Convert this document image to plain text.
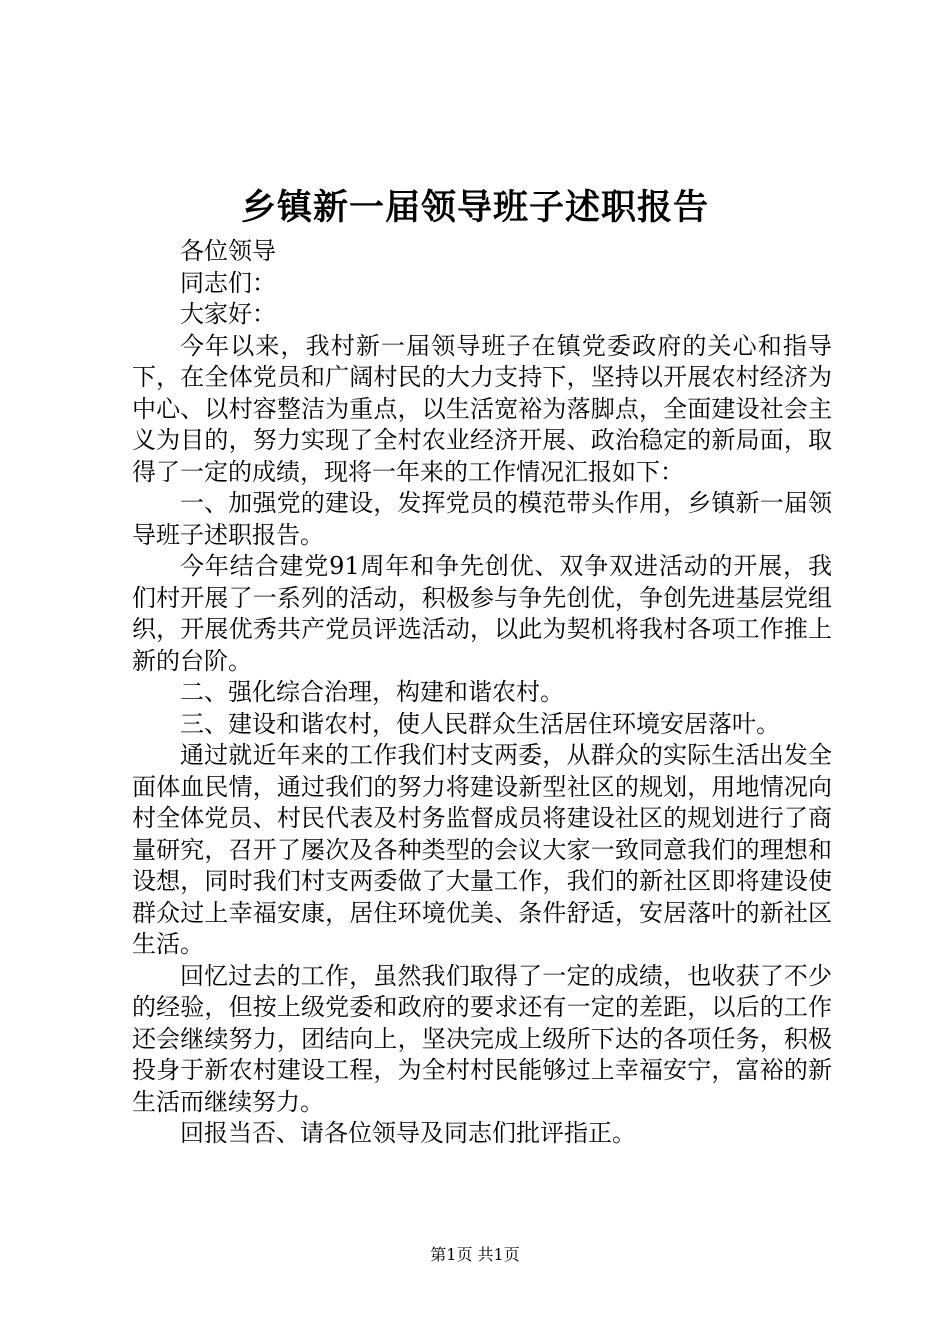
乡镇新一届领导班子述职报告

各位领导

同志们：

大家好：

今年以来，我村新一届领导班子在镇党委政府的关心和指导下，在全体党员和广阔村民的大力支持下，坚持以开展农村经济为中心、以村容整洁为重点，以生活宽裕为落脚点，全面建设社会主义为目的，努力实现了全村农业经济开展、政治稳定的新局面，取得了一定的成绩，现将一年来的工作情况汇报如下：

一、加强党的建设，发挥党员的模范带头作用，乡镇新一届领导班子述职报告。

今年结合建党91周年和争先创优、双争双进活动的开展，我们村开展了一系列的活动，积极参与争先创优，争创先进基层党组织，开展优秀共产党员评选活动，以此为契机将我村各项工作推上新的台阶。

二、强化综合治理，构建和谐农村。

三、建设和谐农村，使人民群众生活居住环境安居落叶。

通过就近年来的工作我们村支两委，从群众的实际生活出发全面体血民情，通过我们的努力将建设新型社区的规划，用地情况向村全体党员、村民代表及村务监督成员将建设社区的规划进行了商量研究，召开了屡次及各种类型的会议大家一致同意我们的理想和设想，同时我们村支两委做了大量工作，我们的新社区即将建设使群众过上幸福安康，居住环境优美、条件舒适，安居落叶的新社区生活。

回忆过去的工作，虽然我们取得了一定的成绩，也收获了不少的经验，但按上级党委和政府的要求还有一定的差距，以后的工作还会继续努力，团结向上，坚决完成上级所下达的各项任务，积极投身于新农村建设工程，为全村村民能够过上幸福安宁，富裕的新生活而继续努力。

回报当否、请各位领导及同志们批评指正。

第1页 共1页
